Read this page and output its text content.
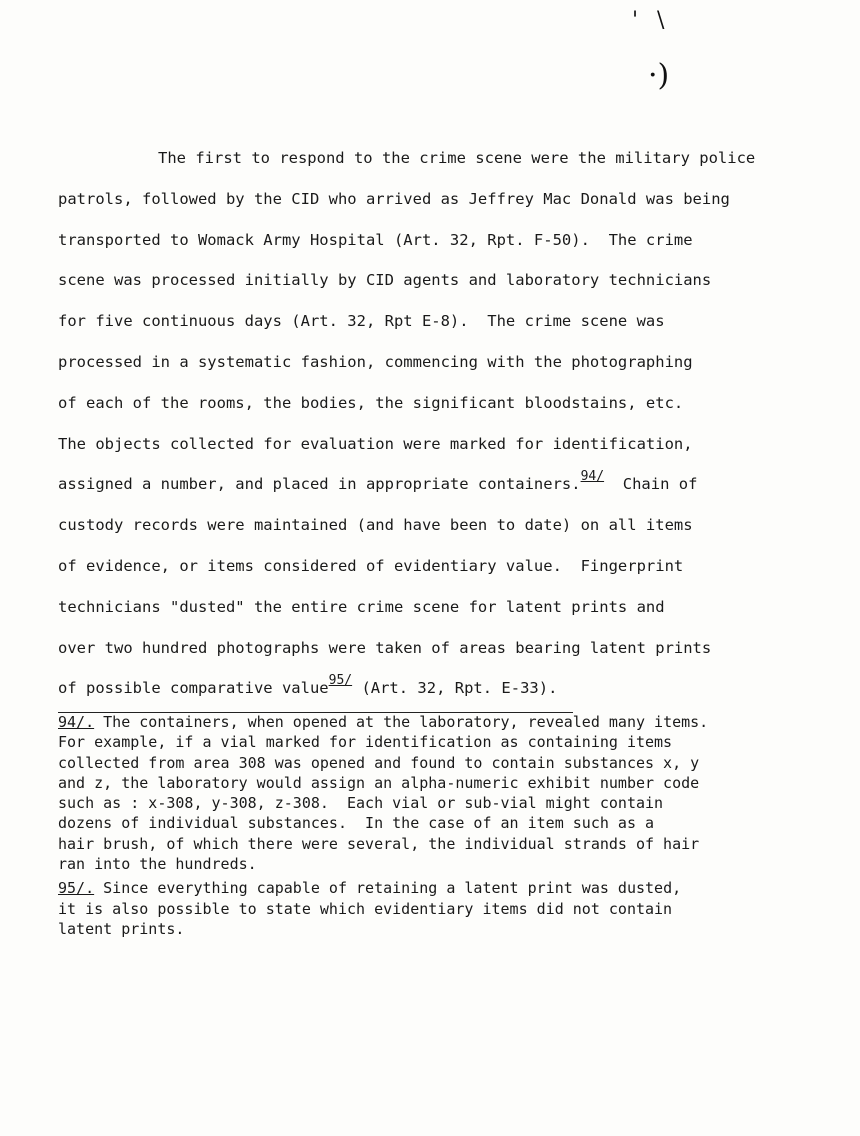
' \
·)
The first to respond to the crime scene were the military police
patrols, followed by the CID who arrived as Jeffrey Mac Donald was being
transported to Womack Army Hospital (Art. 32, Rpt. F-50).  The crime
scene was processed initially by CID agents and laboratory technicians
for five continuous days (Art. 32, Rpt E-8).  The crime scene was
processed in a systematic fashion, commencing with the photographing
of each of the rooms, the bodies, the significant bloodstains, etc.
The objects collected for evaluation were marked for identification,
assigned a number, and placed in appropriate containers.$^{94/}$  Chain of
custody records were maintained (and have been to date) on all items
of evidence, or items considered of evidentiary value.  Fingerprint
technicians "dusted" the entire crime scene for latent prints and
over two hundred photographs were taken of areas bearing latent prints
of possible comparative value$^{95/}$ (Art. 32, Rpt. E-33).
94/. The containers, when opened at the laboratory, revealed many items.
For example, if a vial marked for identification as containing items
collected from area 308 was opened and found to contain substances x, y
and z, the laboratory would assign an alpha-numeric exhibit number code
such as : x-308, y-308, z-308.  Each vial or sub-vial might contain
dozens of individual substances.  In the case of an item such as a
hair brush, of which there were several, the individual strands of hair
ran into the hundreds.
95/. Since everything capable of retaining a latent print was dusted,
it is also possible to state which evidentiary items did not contain
latent prints.
